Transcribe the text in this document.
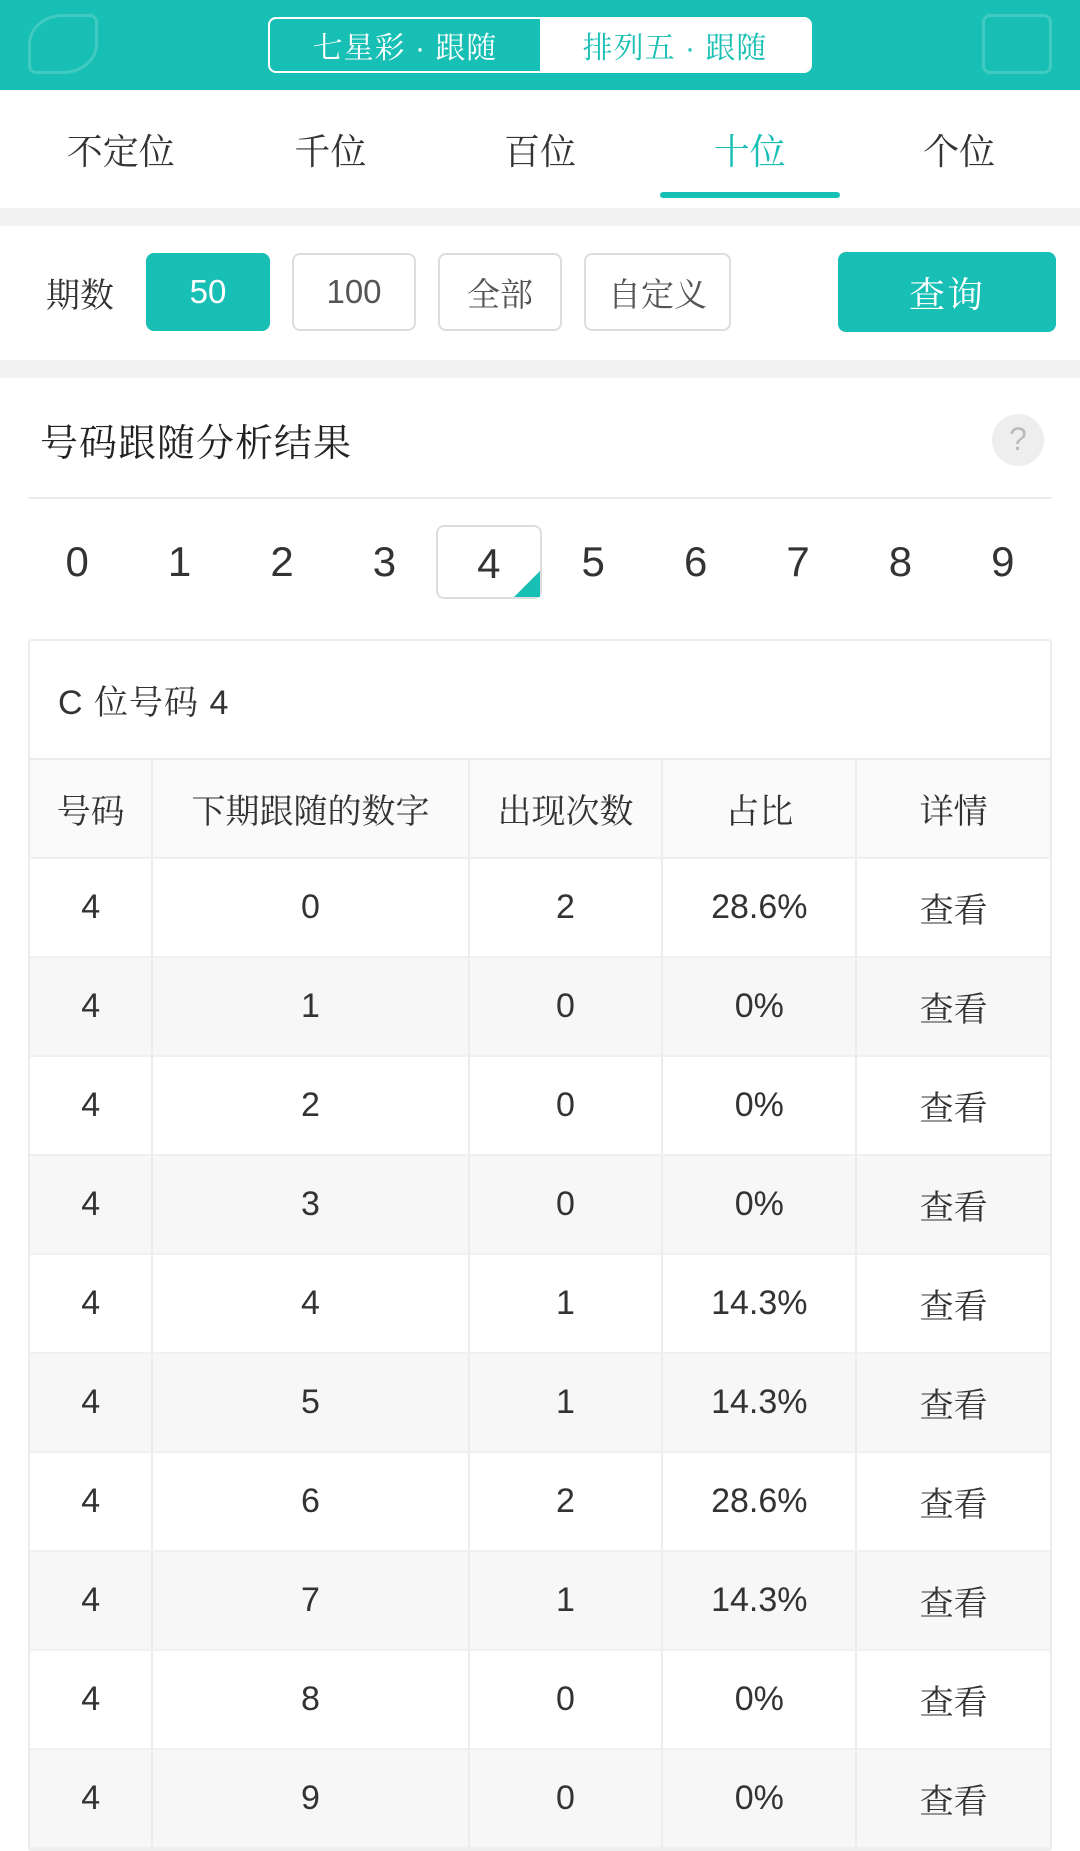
七星彩 · 跟随	排列五 · 跟随
不定位	千位	百位	十位	个位
期数	50	100	全部	自定义	查询
号码跟随分析结果	?
0	1	2	3	4	5	6	7	8	9
C 位号码 4
号码	下期跟随的数字	出现次数	占比	详情
4	0	2	28.6%	查看
4	1	0	0%	查看
4	2	0	0%	查看
4	3	0	0%	查看
4	4	1	14.3%	查看
4	5	1	14.3%	查看
4	6	2	28.6%	查看
4	7	1	14.3%	查看
4	8	0	0%	查看
4	9	0	0%	查看
